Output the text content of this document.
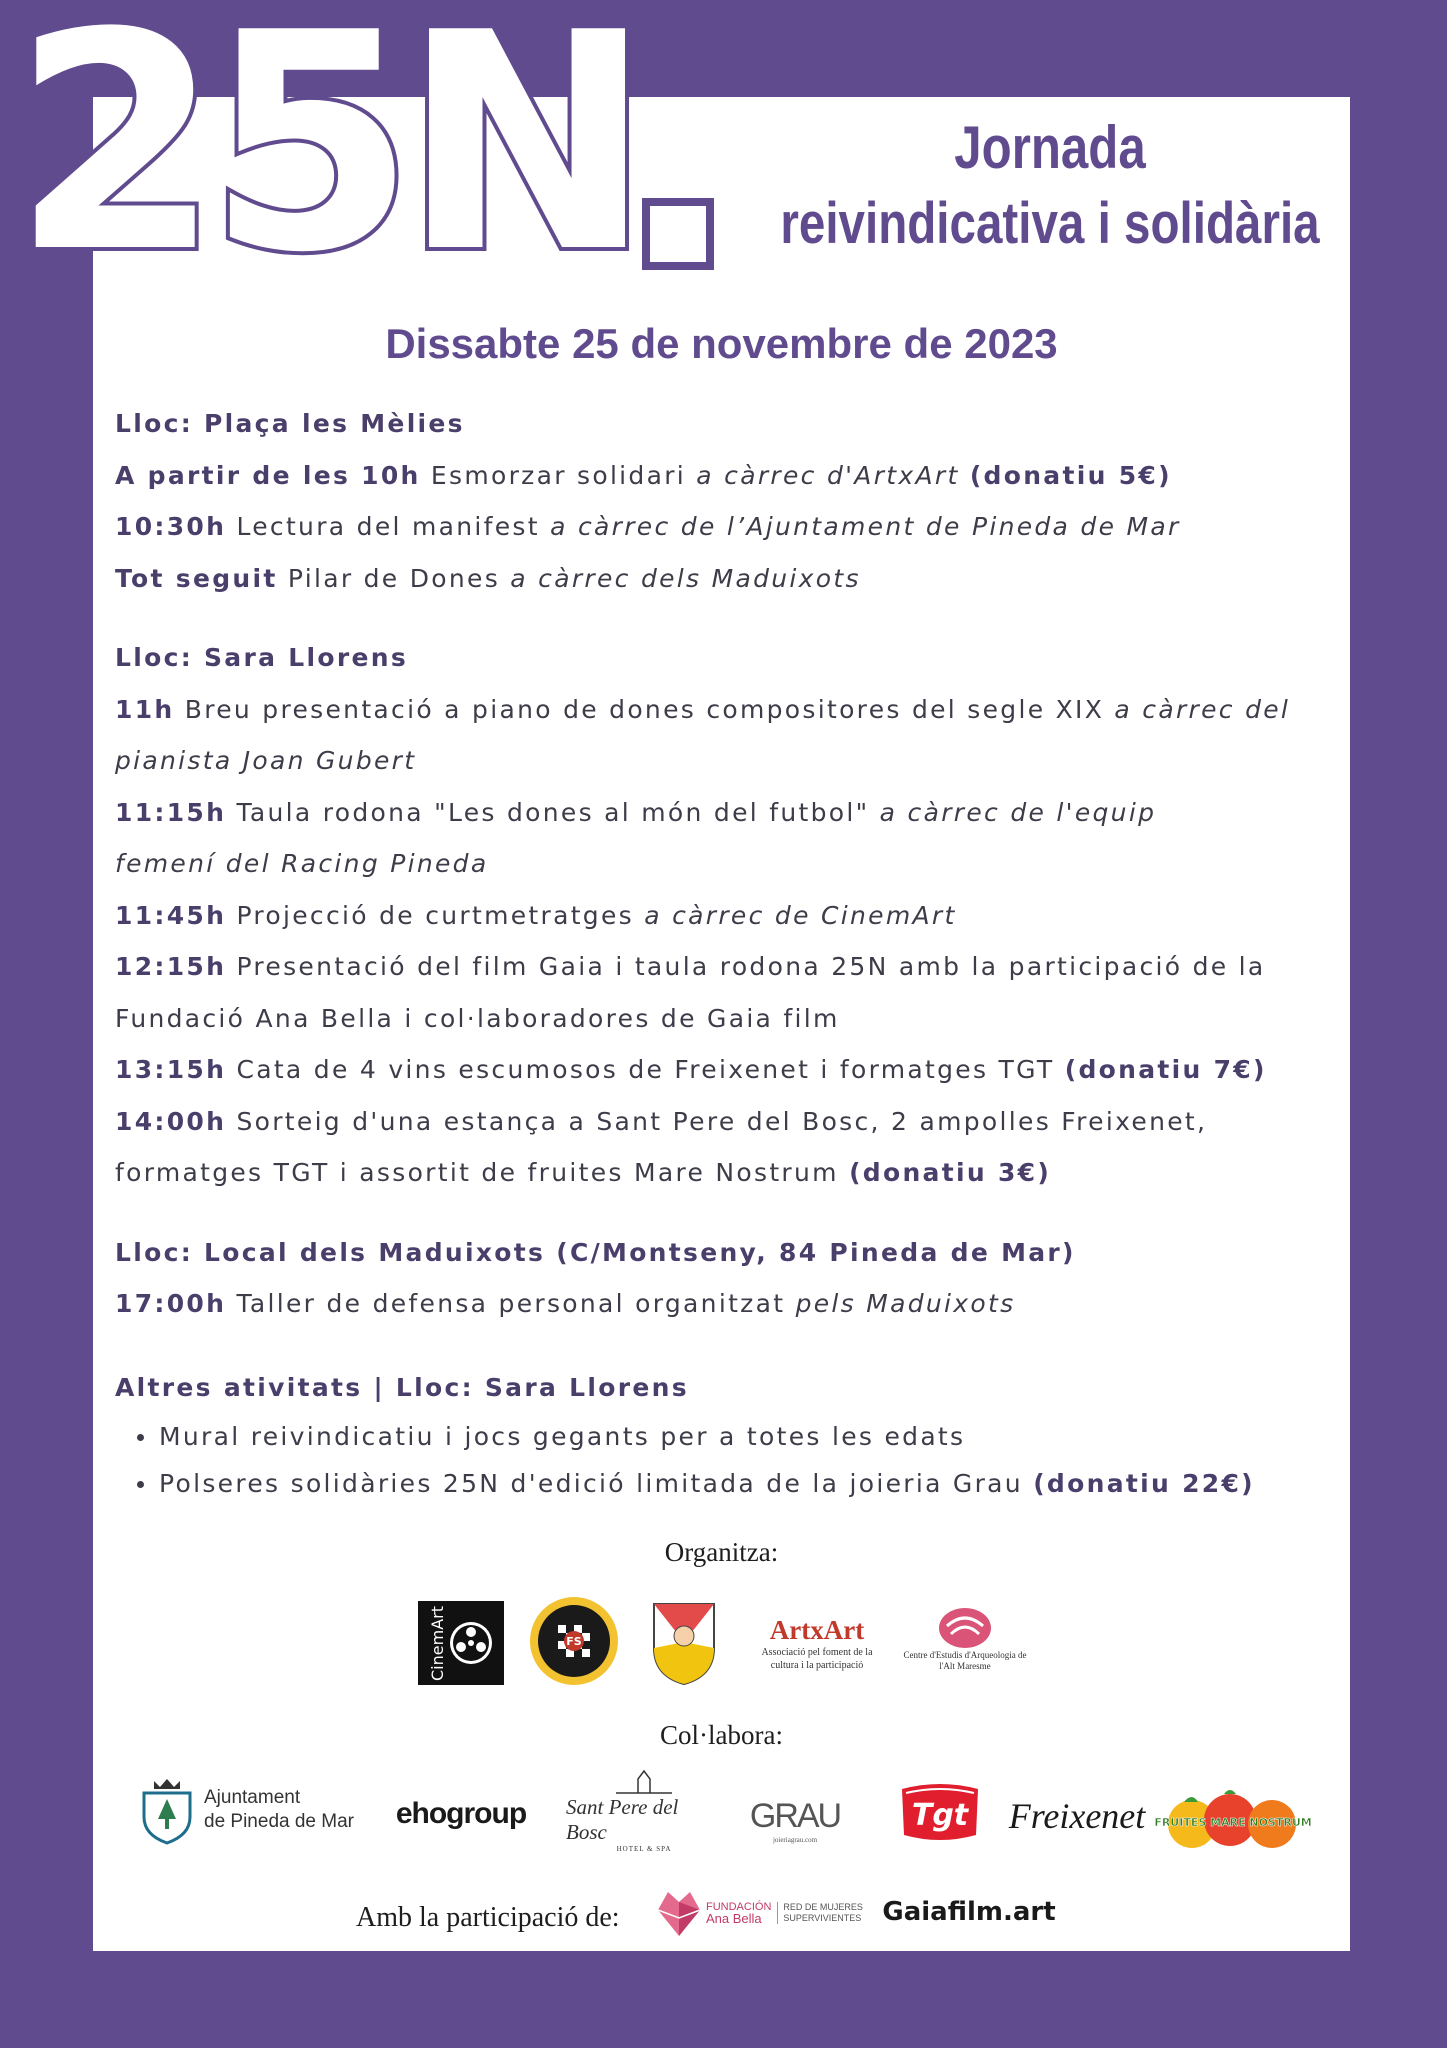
25N	Jornada
reivindicativa i solidària
Dissabte 25 de novembre de 2023

Lloc: Plaça les Mèlies

A partir de les 10h Esmorzar solidari a càrrec d'ArtxArt (donatiu 5€)

10:30h Lectura del manifest a càrrec de l’Ajuntament de Pineda de Mar

Tot seguit Pilar de Dones a càrrec dels Maduixots

Lloc: Sara Llorens

11h Breu presentació a piano de dones compositores del segle XIX a càrrec del pianista Joan Gubert

11:15h Taula rodona "Les dones al món del futbol" a càrrec de l'equip femení del Racing Pineda

11:45h Projecció de curtmetratges a càrrec de CinemArt

12:15h Presentació del film Gaia i taula rodona 25N amb la participació de la Fundació Ana Bella i col·laboradores de Gaia film

13:15h Cata de 4 vins escumosos de Freixenet i formatges TGT (donatiu 7€)

14:00h Sorteig d'una estança a Sant Pere del Bosc, 2 ampolles Freixenet, formatges TGT i assortit de fruites Mare Nostrum (donatiu 3€)

Lloc: Local dels Maduixots (C/Montseny, 84 Pineda de Mar)

17:00h Taller de defensa personal organitzat pels Maduixots

Altres ativitats | Lloc: Sara Llorens

Mural reivindicatiu i jocs gegants per a totes les edats
Polseres solidàries 25N d'edició limitada de la joieria Grau (donatiu 22€)
Organitza:
CinemArt	FS	ArtxArt
Associació pel foment de la cultura i la participació
Centre d'Estudis d'Arqueologia de l'Alt Maresme
Col·labora:
Ajuntament
de Pineda de Mar ehogroup Sant Pere del Bosc
HOTEL & SPA
GRAU
joieriagrau.com
Tgt Freixenet FRUITES MARE NOSTRUM
Amb la participació de:	FUNDACIÓN
Ana Bella
RED DE MUJERES
SUPERVIVIENTES Gaiafilm.art
